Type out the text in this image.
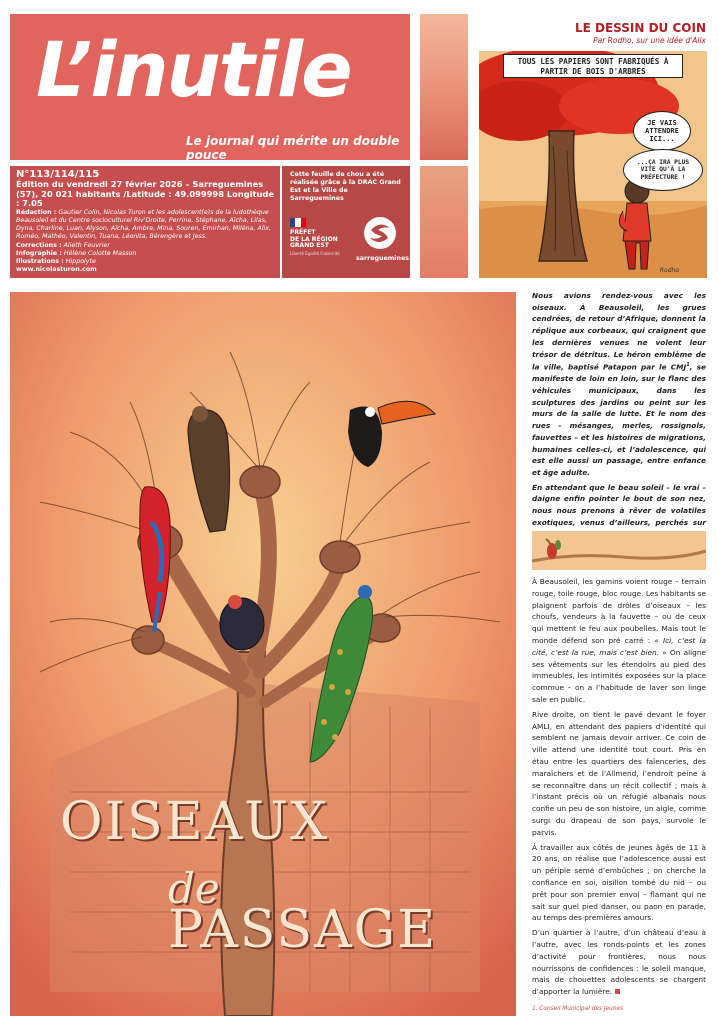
L’inutile
Le journal qui mérite un double pouce
N°113/114/115
Édition du vendredi 27 février 2026 – Sarreguemines (57), 20 021 habitants /Latitude : 49.099998 Longitude : 7.05

Rédaction : Gautier Colin, Nicolas Turon et les adolescent(e)s de la ludothèque Beausoleil et du Centre socioculturel Riv'Droite, Perrine, Stéphane, Aïcha, Lilas, Dyna, Charline, Luan, Alyson, Aïcha, Ambre, Mina, Souren, Emirhan, Miléna, Alix, Roméo, Mathéo, Valentin, Tuana, Léonita, Bérengère et Jess.

Corrections : Alieth Feuvrier

Infographie : Hélène Colotte Masson

Illustrations : Hippolyte

www.nicolasturon.com

Cette feuille de chou a été réalisée grâce à la DRAC Grand Est et la Ville de Sarreguemines
PRÉFET
DE LA RÉGION
GRAND EST
Liberté Égalité Fraternité
sarreguemines
LE DESSIN DU COIN
Par Rodho, sur une idée d'Alix
TOUS LES PAPIERS SONT FABRIQUÉS À PARTIR DE BOIS D'ARBRES
JE VAIS ATTENDRE ICI...
...ÇA IRA PLUS VITE QU'À LA PRÉFECTURE !
Rodho
OISEAUX
de
PASSAGE

Nous avions rendez-vous avec les oiseaux. À Beausoleil, les grues cendrées, de retour d’Afrique, donnent la réplique aux corbeaux, qui craignent que les dernières venues ne volent leur trésor de détritus. Le héron emblème de la ville, baptisé Patapon par le CMJ$^1$, se manifeste de loin en loin, sur le flanc des véhicules municipaux, dans les sculptures des jardins ou peint sur les murs de la salle de lutte. Et le nom des rues – mésanges, merles, rossignols, fauvettes – et les histoires de migrations, humaines celles-ci, et l’adolescence, qui est elle aussi un passage, entre enfance et âge adulte.

En attendant que le beau soleil – le vrai – daigne enfin pointer le bout de son nez, nous nous prenons à rêver de volatiles exotiques, venus d’ailleurs, perchés sur

À Beausoleil, les gamins voient rouge – terrain rouge, toile rouge, bloc rouge. Les habitants se plaignent parfois de drôles d’oiseaux – les choufs, vendeurs à la fauvette – ou de ceux qui mettent le feu aux poubelles. Mais tout le monde défend son pré carré : « Ici, c’est la cité, c’est la rue, mais c’est bien. » On aligne ses vêtements sur les étendoirs au pied des immeubles, les intimités exposées sur la place commue – on a l’habitude de laver son linge sale en public.

Rive droite, on tient le pavé devant le foyer AMLI, en attendant des papiers d’identité qui semblent ne jamais devoir arriver. Ce coin de ville attend une identité tout court. Pris en étau entre les quartiers des faïenceries, des maraîchers et de l’Allmend, l’endroit peine à se reconnaître dans un récit collectif ; mais à l’instant précis où un réfugié albanais nous confie un peu de son histoire, un aigle, comme surgi du drapeau de son pays, survole le parvis.

À travailler aux côtés de jeunes âgés de 11 à 20 ans, on réalise que l’adolescence aussi est un périple semé d’embûches ; on cherche la confiance en soi, oisillon tombé du nid – ou prêt pour son premier envol – flamant qui ne sait sur quel pied danser, ou paon en parade, au temps des premières amours.

D’un quartier à l’autre, d’un château d’eau à l’autre, avec les ronds-points et les zones d’activité pour frontières, nous nous nourrissons de confidences : le soleil manque, mais de chouettes adolescents se chargent d’apporter la lumière.

1. Conseil Municipal des Jeunes
